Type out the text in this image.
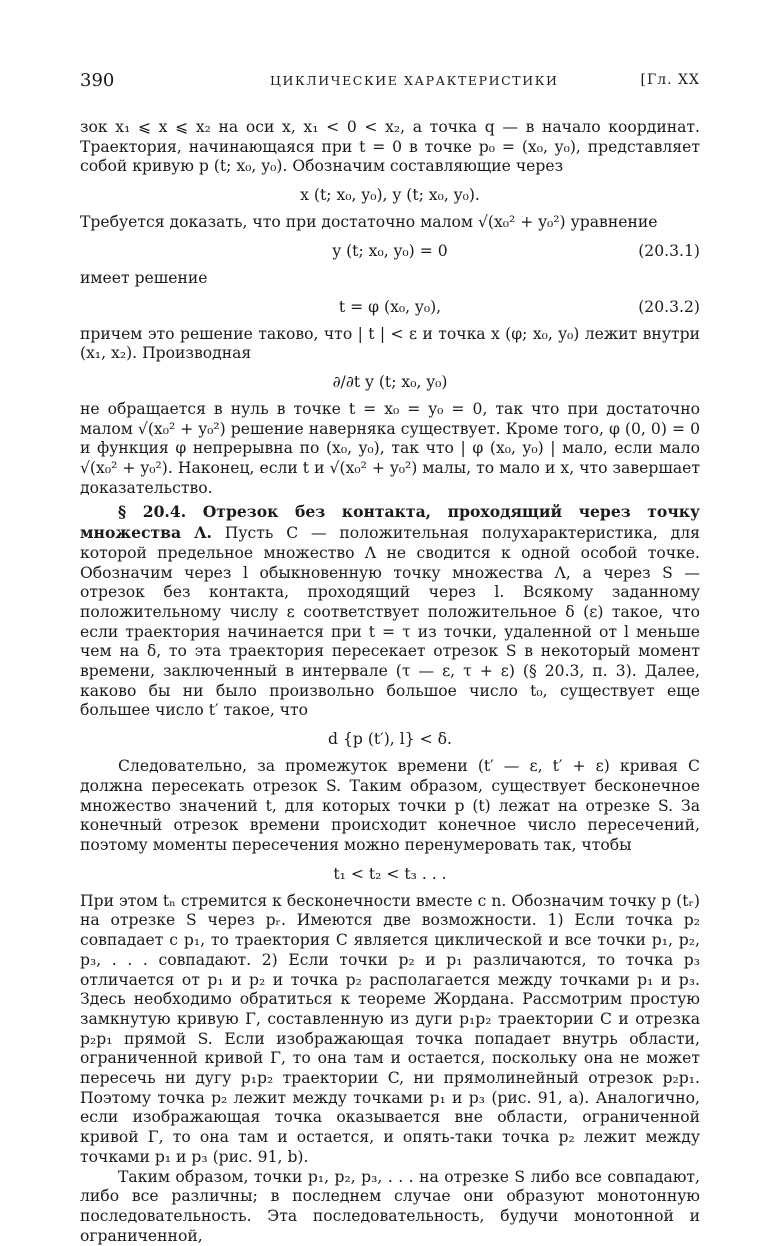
390	ЦИКЛИЧЕСКИЕ ХАРАКТЕРИСТИКИ	[Гл. XX

зок x₁ ⩽ x ⩽ x₂ на оси x, x₁ < 0 < x₂, а точка q — в начало координат. Траектория, начинающаяся при t = 0 в точке p₀ = (x₀, y₀), представляет собой кривую p (t; x₀, y₀). Обозначим составляющие через

x (t; x₀, y₀), y (t; x₀, y₀).

Требуется доказать, что при достаточно малом √(x₀² + y₀²) уравнение

y (t; x₀, y₀) = 0	(20.3.1)

имеет решение

t = φ (x₀, y₀),	(20.3.2)

причем это решение таково, что | t | < ε и точка x (φ; x₀, y₀) лежит внутри (x₁, x₂). Производная

∂/∂t y (t; x₀, y₀)

не обращается в нуль в точке t = x₀ = y₀ = 0, так что при достаточно малом √(x₀² + y₀²) решение наверняка существует. Кроме того, φ (0, 0) = 0 и функция φ непрерывна по (x₀, y₀), так что | φ (x₀, y₀) | мало, если мало √(x₀² + y₀²). Наконец, если t и √(x₀² + y₀²) малы, то мало и x, что завершает доказательство.

§ 20.4. Отрезок без контакта, проходящий через точку множества Λ. Пусть C — положительная полухарактеристика, для которой предельное множество Λ не сводится к одной особой точке. Обозначим через l обыкновенную точку множества Λ, а через S — отрезок без контакта, проходящий через l. Всякому заданному положительному числу ε соответствует положительное δ (ε) такое, что если траектория начинается при t = τ из точки, удаленной от l меньше чем на δ, то эта траектория пересекает отрезок S в некоторый момент времени, заключенный в интервале (τ — ε, τ + ε) (§ 20.3, п. 3). Далее, каково бы ни было произвольно большое число t₀, существует еще большее число t′ такое, что

d {p (t′), l} < δ.

Следовательно, за промежуток времени (t′ — ε, t′ + ε) кривая C должна пересекать отрезок S. Таким образом, существует бесконечное множество значений t, для которых точки p (t) лежат на отрезке S. За конечный отрезок времени происходит конечное число пересечений, поэтому моменты пересечения можно перенумеровать так, чтобы

t₁ < t₂ < t₃ . . .

При этом tₙ стремится к бесконечности вместе с n. Обозначим точку p (tᵣ) на отрезке S через pᵣ. Имеются две возможности. 1) Если точка p₂ совпадает с p₁, то траектория C является циклической и все точки p₁, p₂, p₃, . . . совпадают. 2) Если точки p₂ и p₁ различаются, то точка p₃ отличается от p₁ и p₂ и точка p₂ располагается между точками p₁ и p₃. Здесь необходимо обратиться к теореме Жордана. Рассмотрим простую замкнутую кривую Γ, составленную из дуги p₁p₂ траектории C и отрезка p₂p₁ прямой S. Если изображающая точка попадает внутрь области, ограниченной кривой Γ, то она там и остается, поскольку она не может пересечь ни дугу p₁p₂ траектории C, ни прямолинейный отрезок p₂p₁. Поэтому точка p₂ лежит между точками p₁ и p₃ (рис. 91, a). Аналогично, если изображающая точка оказывается вне области, ограниченной кривой Γ, то она там и остается, и опять-таки точка p₂ лежит между точками p₁ и p₃ (рис. 91, b).

Таким образом, точки p₁, p₂, p₃, . . . на отрезке S либо все совпадают, либо все различны; в последнем случае они образуют монотонную последовательность. Эта последовательность, будучи монотонной и ограниченной,
